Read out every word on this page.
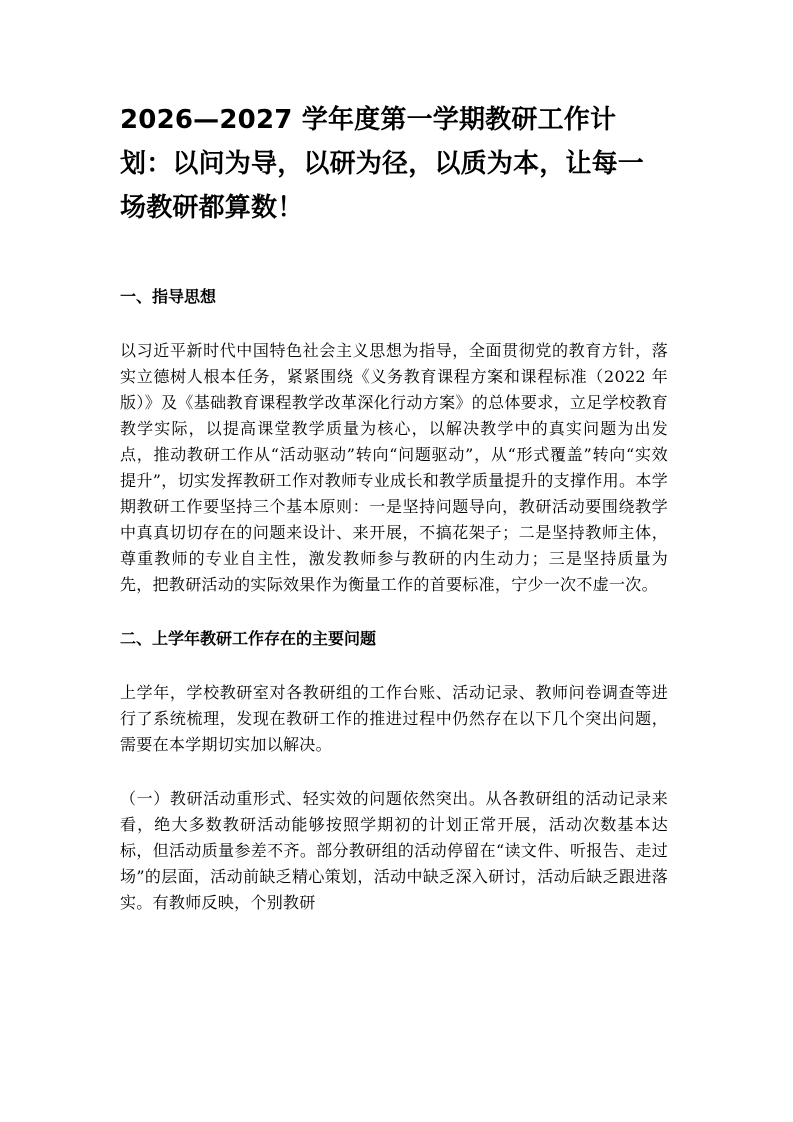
2026—2027 学年度第一学期教研工作计划：以问为导，以研为径，以质为本，让每一场教研都算数！
一、指导思想

以习近平新时代中国特色社会主义思想为指导，全面贯彻党的教育方针，落实立德树人根本任务，紧紧围绕《义务教育课程方案和课程标准（2022 年版）》及《基础教育课程教学改革深化行动方案》的总体要求，立足学校教育教学实际，以提高课堂教学质量为核心，以解决教学中的真实问题为出发点，推动教研工作从“活动驱动”转向“问题驱动”，从“形式覆盖”转向“实效提升”，切实发挥教研工作对教师专业成长和教学质量提升的支撑作用。本学期教研工作要坚持三个基本原则：一是坚持问题导向，教研活动要围绕教学中真真切切存在的问题来设计、来开展，不搞花架子；二是坚持教师主体，尊重教师的专业自主性，激发教师参与教研的内生动力；三是坚持质量为先，把教研活动的实际效果作为衡量工作的首要标准，宁少一次不虚一次。

二、上学年教研工作存在的主要问题

上学年，学校教研室对各教研组的工作台账、活动记录、教师问卷调查等进行了系统梳理，发现在教研工作的推进过程中仍然存在以下几个突出问题，需要在本学期切实加以解决。

（一）教研活动重形式、轻实效的问题依然突出。从各教研组的活动记录来看，绝大多数教研活动能够按照学期初的计划正常开展，活动次数基本达标，但活动质量参差不齐。部分教研组的活动停留在“读文件、听报告、走过场”的层面，活动前缺乏精心策划，活动中缺乏深入研讨，活动后缺乏跟进落实。有教师反映，个别教研
